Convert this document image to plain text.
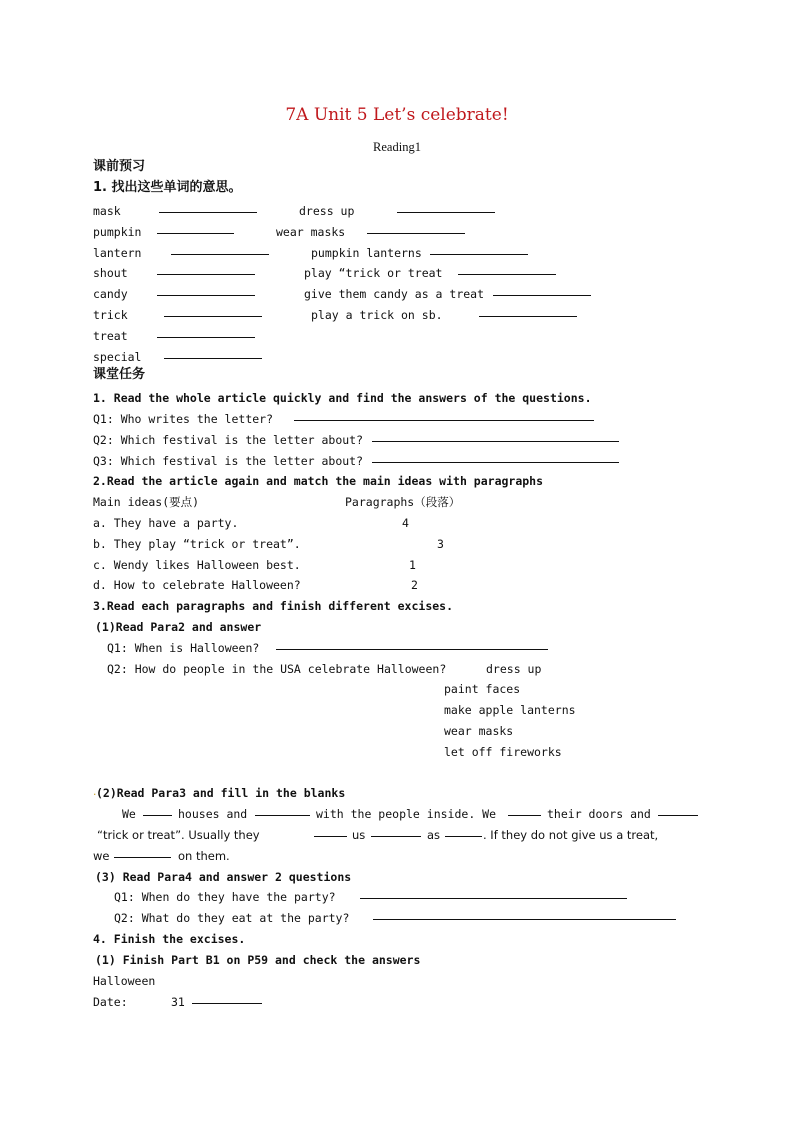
7A Unit 5 Let’s celebrate!
Reading1
课前预习
1. 找出这些单词的意思。
mask	dress up
pumpkin	wear masks
lantern	pumpkin lanterns
shout	play “trick or treat
candy	give them candy as a treat
trick	play a trick on sb.
treat
special
课堂任务
1. Read the whole article quickly and find the answers of the questions.
Q1: Who writes the letter?
Q2: Which festival is the letter about?
Q3: Which festival is the letter about?
2.Read the article again and match the main ideas with paragraphs
Main ideas(要点)	Paragraphs（段落）
a. They have a party.	4
b. They play “trick or treat”.	3
c. Wendy likes Halloween best.	1
d. How to celebrate Halloween?	2
3.Read each paragraphs and finish different excises.
(1)Read Para2 and answer
Q1: When is Halloween?
Q2: How do people in the USA celebrate Halloween?	dress up
paint faces
make apple lanterns
wear masks
let off fireworks
.
(2)Read Para3 and fill in the blanks
We	houses and	with the people inside. We	their doors and
“trick or treat”. Usually they	us	as	. If they do not give us a treat,
we	on them.
(3) Read Para4 and answer 2 questions
Q1: When do they have the party?
Q2: What do they eat at the party?
4. Finish the excises.
(1) Finish Part B1 on P59 and check the answers
Halloween
Date:	31
